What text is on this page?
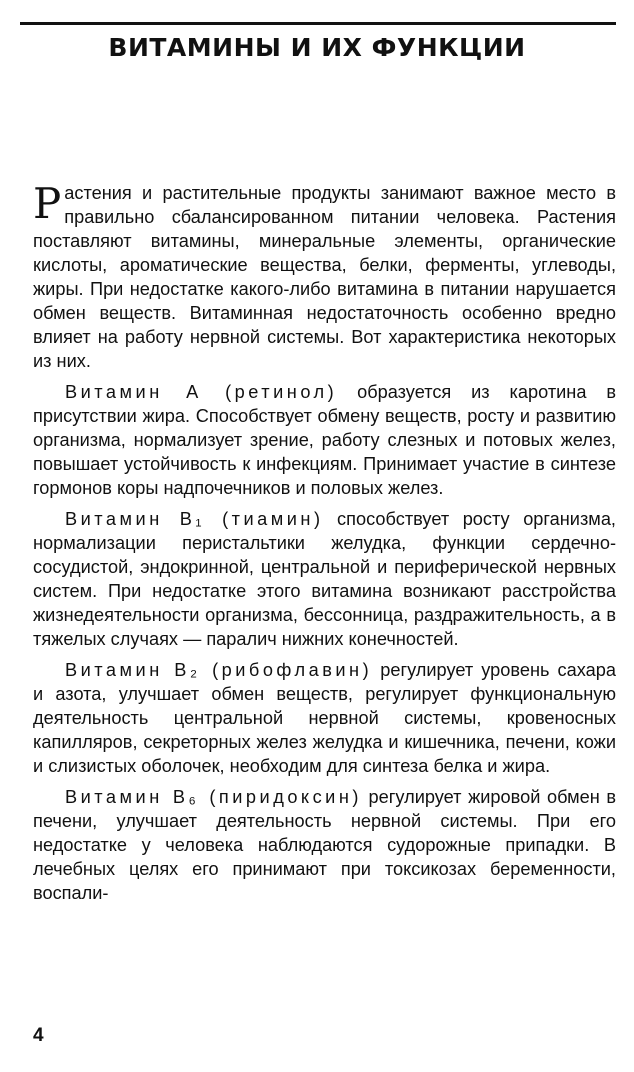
ВИТАМИНЫ И ИХ ФУНКЦИИ

Растения и растительные продукты занимают важное место в правильно сбалансированном питании человека. Растения поставляют витамины, минеральные элементы, органические кислоты, ароматические вещества, белки, ферменты, углеводы, жиры. При недостатке какого-либо витамина в питании нарушается обмен веществ. Витаминная недостаточность особенно вредно влияет на работу нервной системы. Вот характеристика некоторых из них.

Витамин А (ретинол) образуется из каротина в присутствии жира. Способствует обмену веществ, росту и развитию организма, нормализует зрение, работу слезных и потовых желез, повышает устойчивость к инфекциям. Принимает участие в синтезе гормонов коры надпочечников и половых желез.

Витамин B₁ (тиамин) способствует росту организма, нормализации перистальтики желудка, функции сердечно-сосудистой, эндокринной, центральной и периферической нервных систем. При недостатке этого витамина возникают расстройства жизнедеятельности организма, бессонница, раздражительность, а в тяжелых случаях — паралич нижних конечностей.

Витамин B₂ (рибофлавин) регулирует уровень сахара и азота, улучшает обмен веществ, регулирует функциональную деятельность центральной нервной системы, кровеносных капилляров, секреторных желез желудка и кишечника, печени, кожи и слизистых оболочек, необходим для синтеза белка и жира.

Витамин B₆ (пиридоксин) регулирует жировой обмен в печени, улучшает деятельность нервной системы. При его недостатке у человека наблюдаются судорожные припадки. В лечебных целях его принимают при токсикозах беременности, воспали-

4
